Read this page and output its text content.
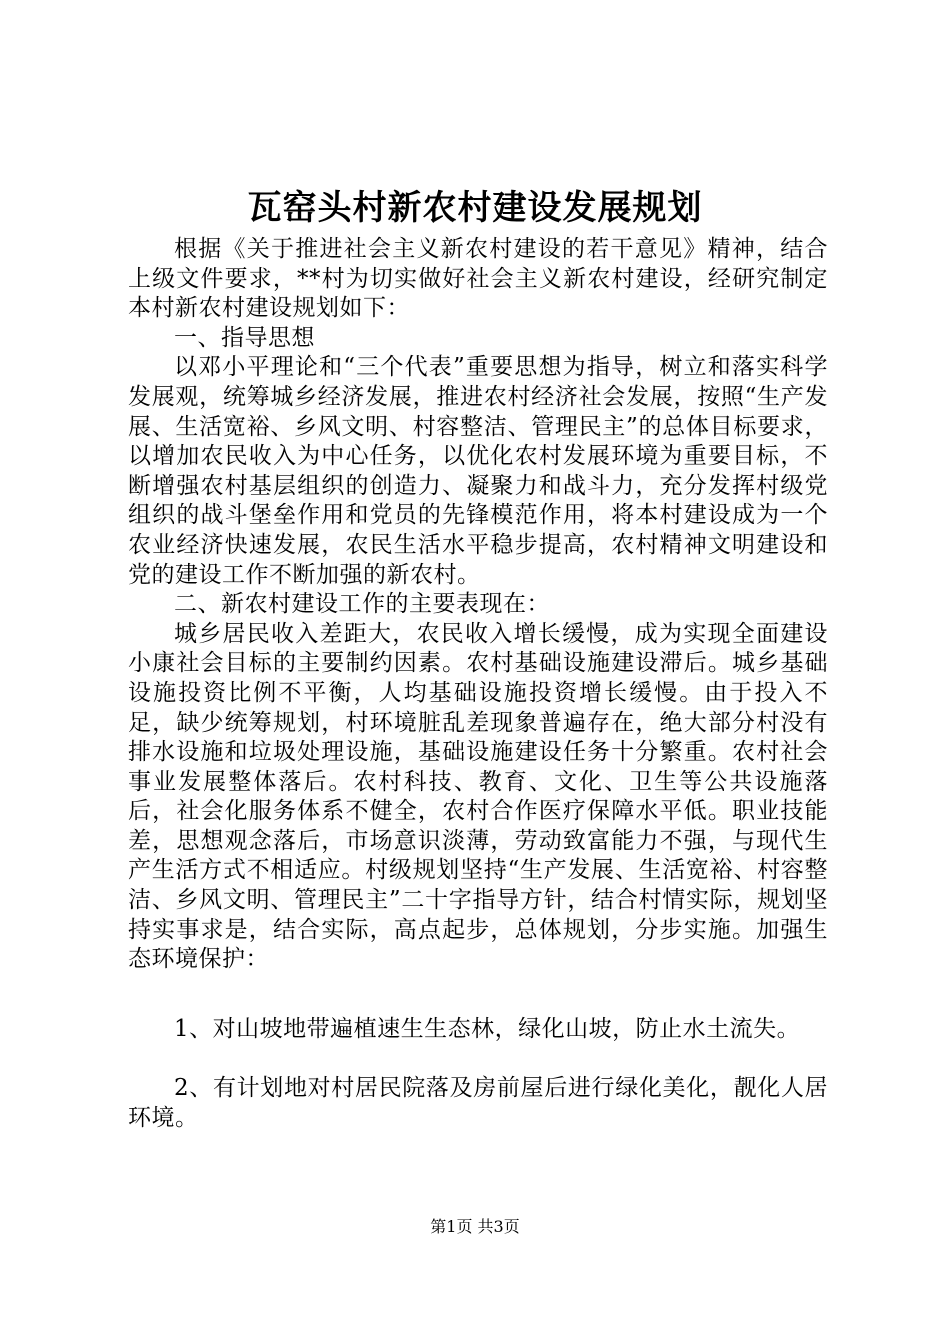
瓦窑头村新农村建设发展规划

根据《关于推进社会主义新农村建设的若干意见》精神，结合上级文件要求，**村为切实做好社会主义新农村建设，经研究制定本村新农村建设规划如下：

一、指导思想

以邓小平理论和“三个代表”重要思想为指导，树立和落实科学发展观，统筹城乡经济发展，推进农村经济社会发展，按照“生产发展、生活宽裕、乡风文明、村容整洁、管理民主”的总体目标要求，以增加农民收入为中心任务，以优化农村发展环境为重要目标，不断增强农村基层组织的创造力、凝聚力和战斗力，充分发挥村级党组织的战斗堡垒作用和党员的先锋模范作用，将本村建设成为一个农业经济快速发展，农民生活水平稳步提高，农村精神文明建设和党的建设工作不断加强的新农村。

二、新农村建设工作的主要表现在：

城乡居民收入差距大，农民收入增长缓慢，成为实现全面建设小康社会目标的主要制约因素。农村基础设施建设滞后。城乡基础设施投资比例不平衡，人均基础设施投资增长缓慢。由于投入不足，缺少统筹规划，村环境脏乱差现象普遍存在，绝大部分村没有排水设施和垃圾处理设施，基础设施建设任务十分繁重。农村社会事业发展整体落后。农村科技、教育、文化、卫生等公共设施落后，社会化服务体系不健全，农村合作医疗保障水平低。职业技能差，思想观念落后，市场意识淡薄，劳动致富能力不强，与现代生产生活方式不相适应。村级规划坚持“生产发展、生活宽裕、村容整洁、乡风文明、管理民主”二十字指导方针，结合村情实际，规划坚持实事求是，结合实际，高点起步，总体规划，分步实施。加强生态环境保护：

1、对山坡地带遍植速生生态林，绿化山坡，防止水土流失。

2、有计划地对村居民院落及房前屋后进行绿化美化，靓化人居环境。

第1页 共3页
